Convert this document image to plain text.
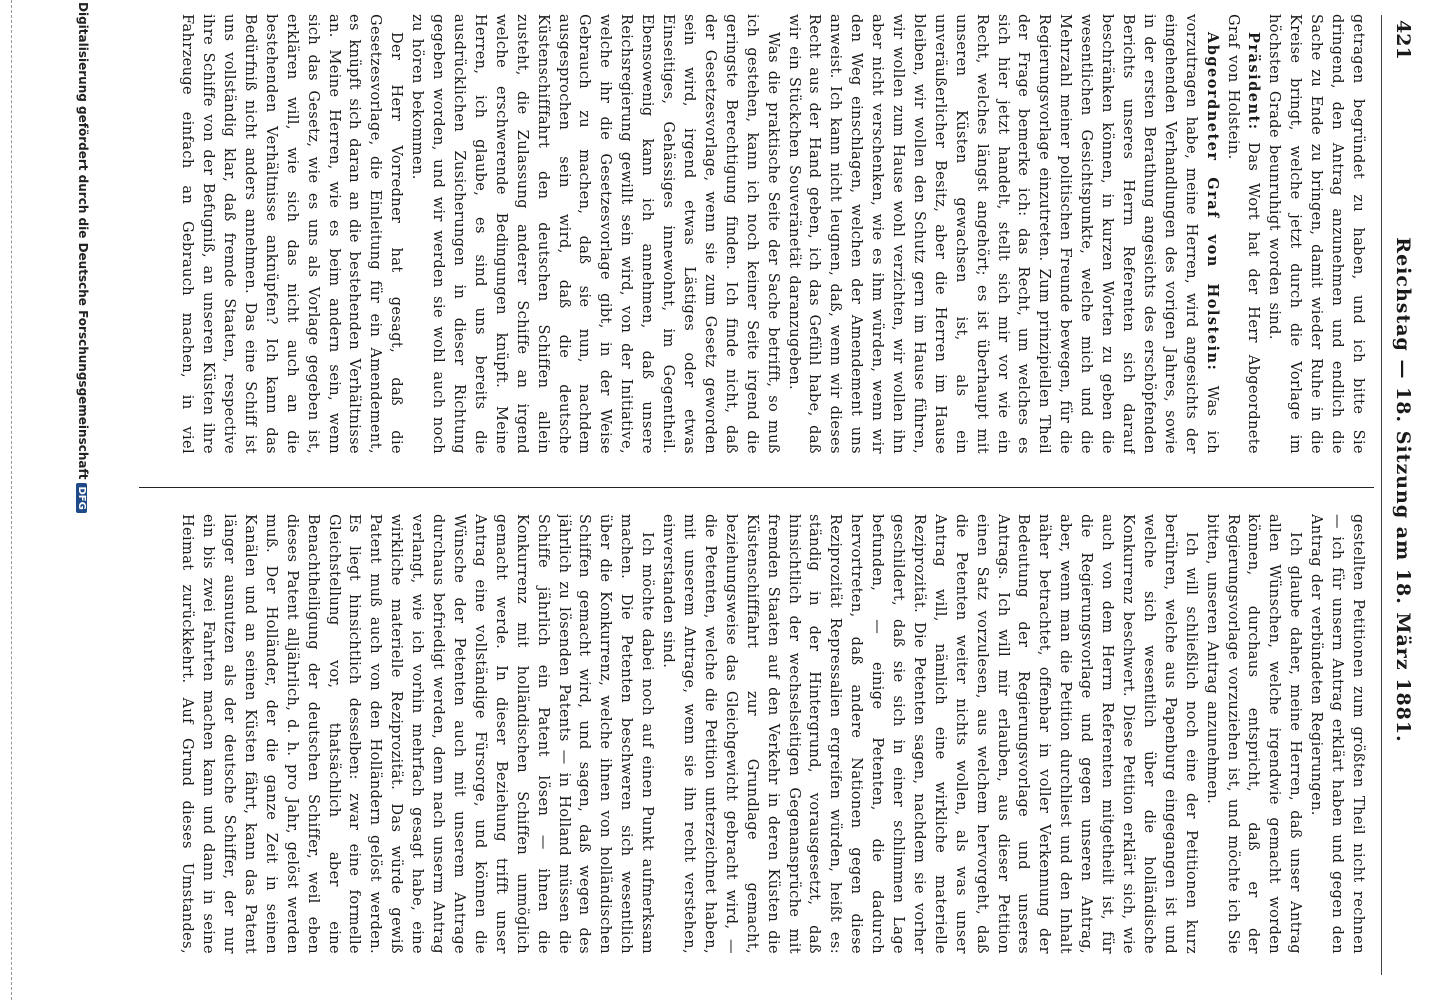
421
Reichstag — 18. Sitzung am 18. März 1881.

getragen begründet zu haben, und ich bitte Sie dringend, den Antrag anzunehmen und endlich die Sache zu Ende zu bringen, damit wieder Ruhe in die Kreise bringt, welche jetzt durch die Vorlage im höchsten Grade beunruhigt worden sind.

Präsident: Das Wort hat der Herr Abgeordnete Graf von Holstein.

Abgeordneter Graf von Holstein: Was ich vorzutragen habe, meine Herren, wird angesichts der eingehenden Verhandlungen des vorigen Jahres, sowie in der ersten Berathung angesichts des erschöpfenden Berichts unseres Herrn Referenten sich darauf beschränken können, in kurzen Worten zu geben die wesentlichen Gesichtspunkte, welche mich und die Mehrzahl meiner politischen Freunde bewegen, für die Regierungsvorlage einzutreten. Zum prinzipiellen Theil der Frage bemerke ich: das Recht, um welches es sich hier jetzt handelt, stellt sich mir vor wie ein Recht, welches längst angehört; es ist überhaupt mit unseren Küsten gewachsen ist, als ein unveräußerlicher Besitz, aber die Herren im Hause bleiben, wir wollen den Schutz gern im Hause führen, wir wollen zum Hause wohl verzichten, wir wollen ihn aber nicht verschenken, wie es ihm würden, wenn wir den Weg einschlagen, welchen der Amendement uns anweist. Ich kann nicht leugnen, daß, wenn wir dieses Recht aus der Hand geben, ich das Gefühl habe, daß wir ein Stückchen Souveränetät daranzugeben.

Was die praktische Seite der Sache betrifft, so muß ich gestehen, kann ich noch keiner Seite irgend die geringste Berechtigung finden. Ich finde nicht, daß der Gesetzesvorlage, wenn sie zum Gesetz geworden sein wird, irgend etwas Lästiges oder etwas Einseitiges, Gehässiges innewohnt, im Gegentheil. Ebensowenig kann ich annehmen, daß unsere Reichsregierung gewillt sein wird, von der Initiative, welche ihr die Gesetzesvorlage gibt, in der Weise Gebrauch zu machen, daß sie nun, nachdem ausgesprochen sein wird, daß die deutsche Küstenschifffahrt den deutschen Schiffen allein zusteht, die Zulassung anderer Schiffe an irgend welche erschwerende Bedingungen knüpft. Meine Herren, ich glaube, es sind uns bereits die ausdrücklichen Zusicherungen in dieser Richtung gegeben worden, und wir werden sie wohl auch noch zu hören bekommen.

Der Herr Vorredner hat gesagt, daß die Gesetzesvorlage, die Einleitung für ein Amendement, es knüpft sich daran an die bestehenden Verhältnisse an. Meine Herren, wie es beim andern sein, wenn sich das Gesetz, wie es uns als Vorlage gegeben ist, erklären will, wie sich das nicht auch an die bestehenden Verhältnisse anknüpfen? Ich kann das Bedürfniß nicht anders annehmen. Das eine Schiff ist uns vollständig klar, daß fremde Staaten, respective ihre Schiffe von der Befugniß, an unseren Küsten ihre Fahrzeuge einfach an Gebrauch machen, in viel

gestellten Petitionen zum größten Theil nicht rechnen — ich für unsern Antrag erklärt haben und gegen den Antrag der verbündeten Regierungen.

Ich glaube daher, meine Herren, daß unser Antrag allen Wünschen, welche irgendwie gemacht worden können, durchaus entspricht, daß er der Regierungsvorlage vorzuziehen ist, und möchte ich Sie bitten, unseren Antrag anzunehmen.

Ich will schließlich noch eine der Petitionen kurz berühren, welche aus Papenburg eingegangen ist und welche sich wesentlich über die holländische Konkurrenz beschwert. Diese Petition erklärt sich, wie auch von dem Herrn Referenten mitgetheilt ist, für die Regierungsvorlage und gegen unseren Antrag, aber, wenn man die Petition durchliest und den Inhalt näher betrachtet, offenbar in voller Verkennung der Bedeutung der Regierungsvorlage und unseres Antrags. Ich will mir erlauben, aus dieser Petition einen Satz vorzulesen, aus welchem hervorgeht, daß die Petenten weiter nichts wollen, als was unser Antrag will, nämlich eine wirkliche materielle Reziprozität. Die Petenten sagen, nachdem sie vorher geschildert, daß sie sich in einer schlimmen Lage befunden, — einige Petenten, die dadurch hervortreten, daß andere Nationen gegen diese Reziprozität Repressalien ergreifen würden, heißt es: ständig in der Hintergrund, vorausgesetzt, daß hinsichtlich der wechselseitigen Gegenansprüche mit fremden Staaten auf den Verkehr in deren Küsten die Küstenschifffahrt zur Grundlage gemacht, beziehungsweise das Gleichgewicht gebracht wird, — die Petenten, welche die Petition unterzeichnet haben, mit unserem Antrage, wenn sie ihn recht verstehen, einverstanden sind.

Ich möchte dabei noch auf einen Punkt aufmerksam machen. Die Petenten beschweren sich wesentlich über die Konkurrenz, welche ihnen von holländischen Schiffen gemacht wird, und sagen, daß wegen des jährlich zu lösenden Patents — in Holland müssen die Schiffe jährlich ein Patent lösen — ihnen die Konkurrenz mit holländischen Schiffen unmöglich gemacht werde. In dieser Beziehung trifft unser Antrag eine vollständige Fürsorge, und können die Wünsche der Petenten auch mit unserem Antrage durchaus befriedigt werden, denn nach unserm Antrag verlangt, wie ich vorhin mehrfach gesagt habe, eine wirkliche materielle Reziprozität. Das würde gewiß Patent muß auch von den Holländern gelöst werden. Es liegt hinsichtlich desselben: zwar eine formelle Gleichstellung vor, thatsächlich aber eine Benachtheiligung der deutschen Schiffer, weil eben dieses Patent alljährlich, d. h. pro Jahr, gelöst werden muß. Der Holländer, der die ganze Zeit in seinen Kanälen und an seinen Küsten fährt, kann das Patent länger ausnutzen als der deutsche Schiffer, der nur ein bis zwei Fahrten machen kann und dann in seine Heimat zurückkehrt. Auf Grund dieses Umstandes,

Digitalisierung gefördert durch die Deutsche ForschungsgemeinschaftDFG
